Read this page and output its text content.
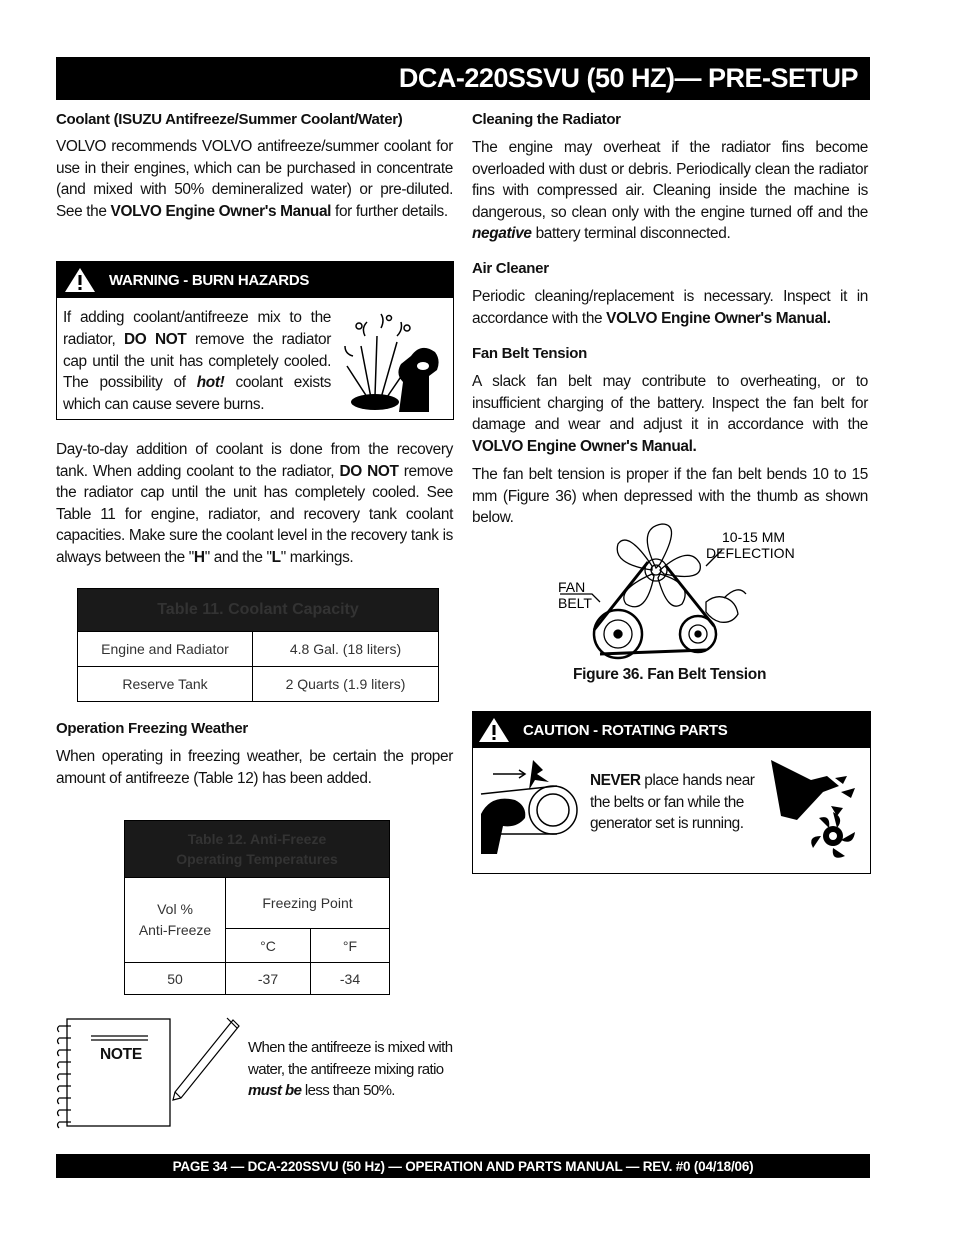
DCA-220SSVU (50 HZ)— PRE-SETUP
Coolant (ISUZU Antifreeze/Summer Coolant/Water)
VOLVO recommends VOLVO antifreeze/summer coolant for use in their engines, which can be purchased in concentrate (and mixed with 50% demineralized water) or pre-diluted. See the VOLVO Engine Owner's Manual for further details.
WARNING - BURN HAZARDS
If adding coolant/antifreeze mix to the radiator, DO NOT remove the radiator cap until the unit has completely cooled. The possibility of hot! coolant exists which can cause severe burns.
Day-to-day addition of coolant is done from the recovery tank. When adding coolant to the radiator, DO NOT remove the radiator cap until the unit has completely cooled. See Table 11 for engine, radiator, and recovery tank coolant capacities. Make sure the coolant level in the recovery tank is always between the "H" and the "L" markings.
Table 11. Coolant Capacity	
Engine and Radiator	4.8 Gal. (18 liters)
Reserve Tank	2 Quarts (1.9 liters)
Operation Freezing Weather
When operating in freezing weather, be certain the proper amount of antifreeze (Table 12) has been added.
Table 12. Anti-Freeze
Operating Temperatures		
Vol %
Anti-Freeze	Freezing Point	
	°C	°F
50	-37	-34
NOTE	When the antifreeze is mixed with water, the antifreeze mixing ratio must be less than 50%.
Cleaning the Radiator
The engine may overheat if the radiator fins become overloaded with dust or debris. Periodically clean the radiator fins with compressed air. Cleaning inside the machine is dangerous, so clean only with the engine turned off and the negative battery terminal disconnected.
Air Cleaner
Periodic cleaning/replacement is necessary. Inspect it in accordance with the VOLVO Engine Owner's Manual.
Fan Belt Tension
A slack fan belt may contribute to overheating, or to insufficient charging of the battery. Inspect the fan belt for damage and wear and adjust it in accordance with the VOLVO Engine Owner's Manual.
The fan belt tension is proper if the fan belt bends 10 to 15 mm (Figure 36) when depressed with the thumb as shown below.
10-15 MM
DEFLECTION
FAN
BELT
Figure 36. Fan Belt Tension
CAUTION - ROTATING PARTS
NEVER place hands near the belts or fan while the generator set is running.
PAGE 34 — DCA-220SSVU (50 Hz) — OPERATION AND PARTS MANUAL — REV. #0 (04/18/06)
